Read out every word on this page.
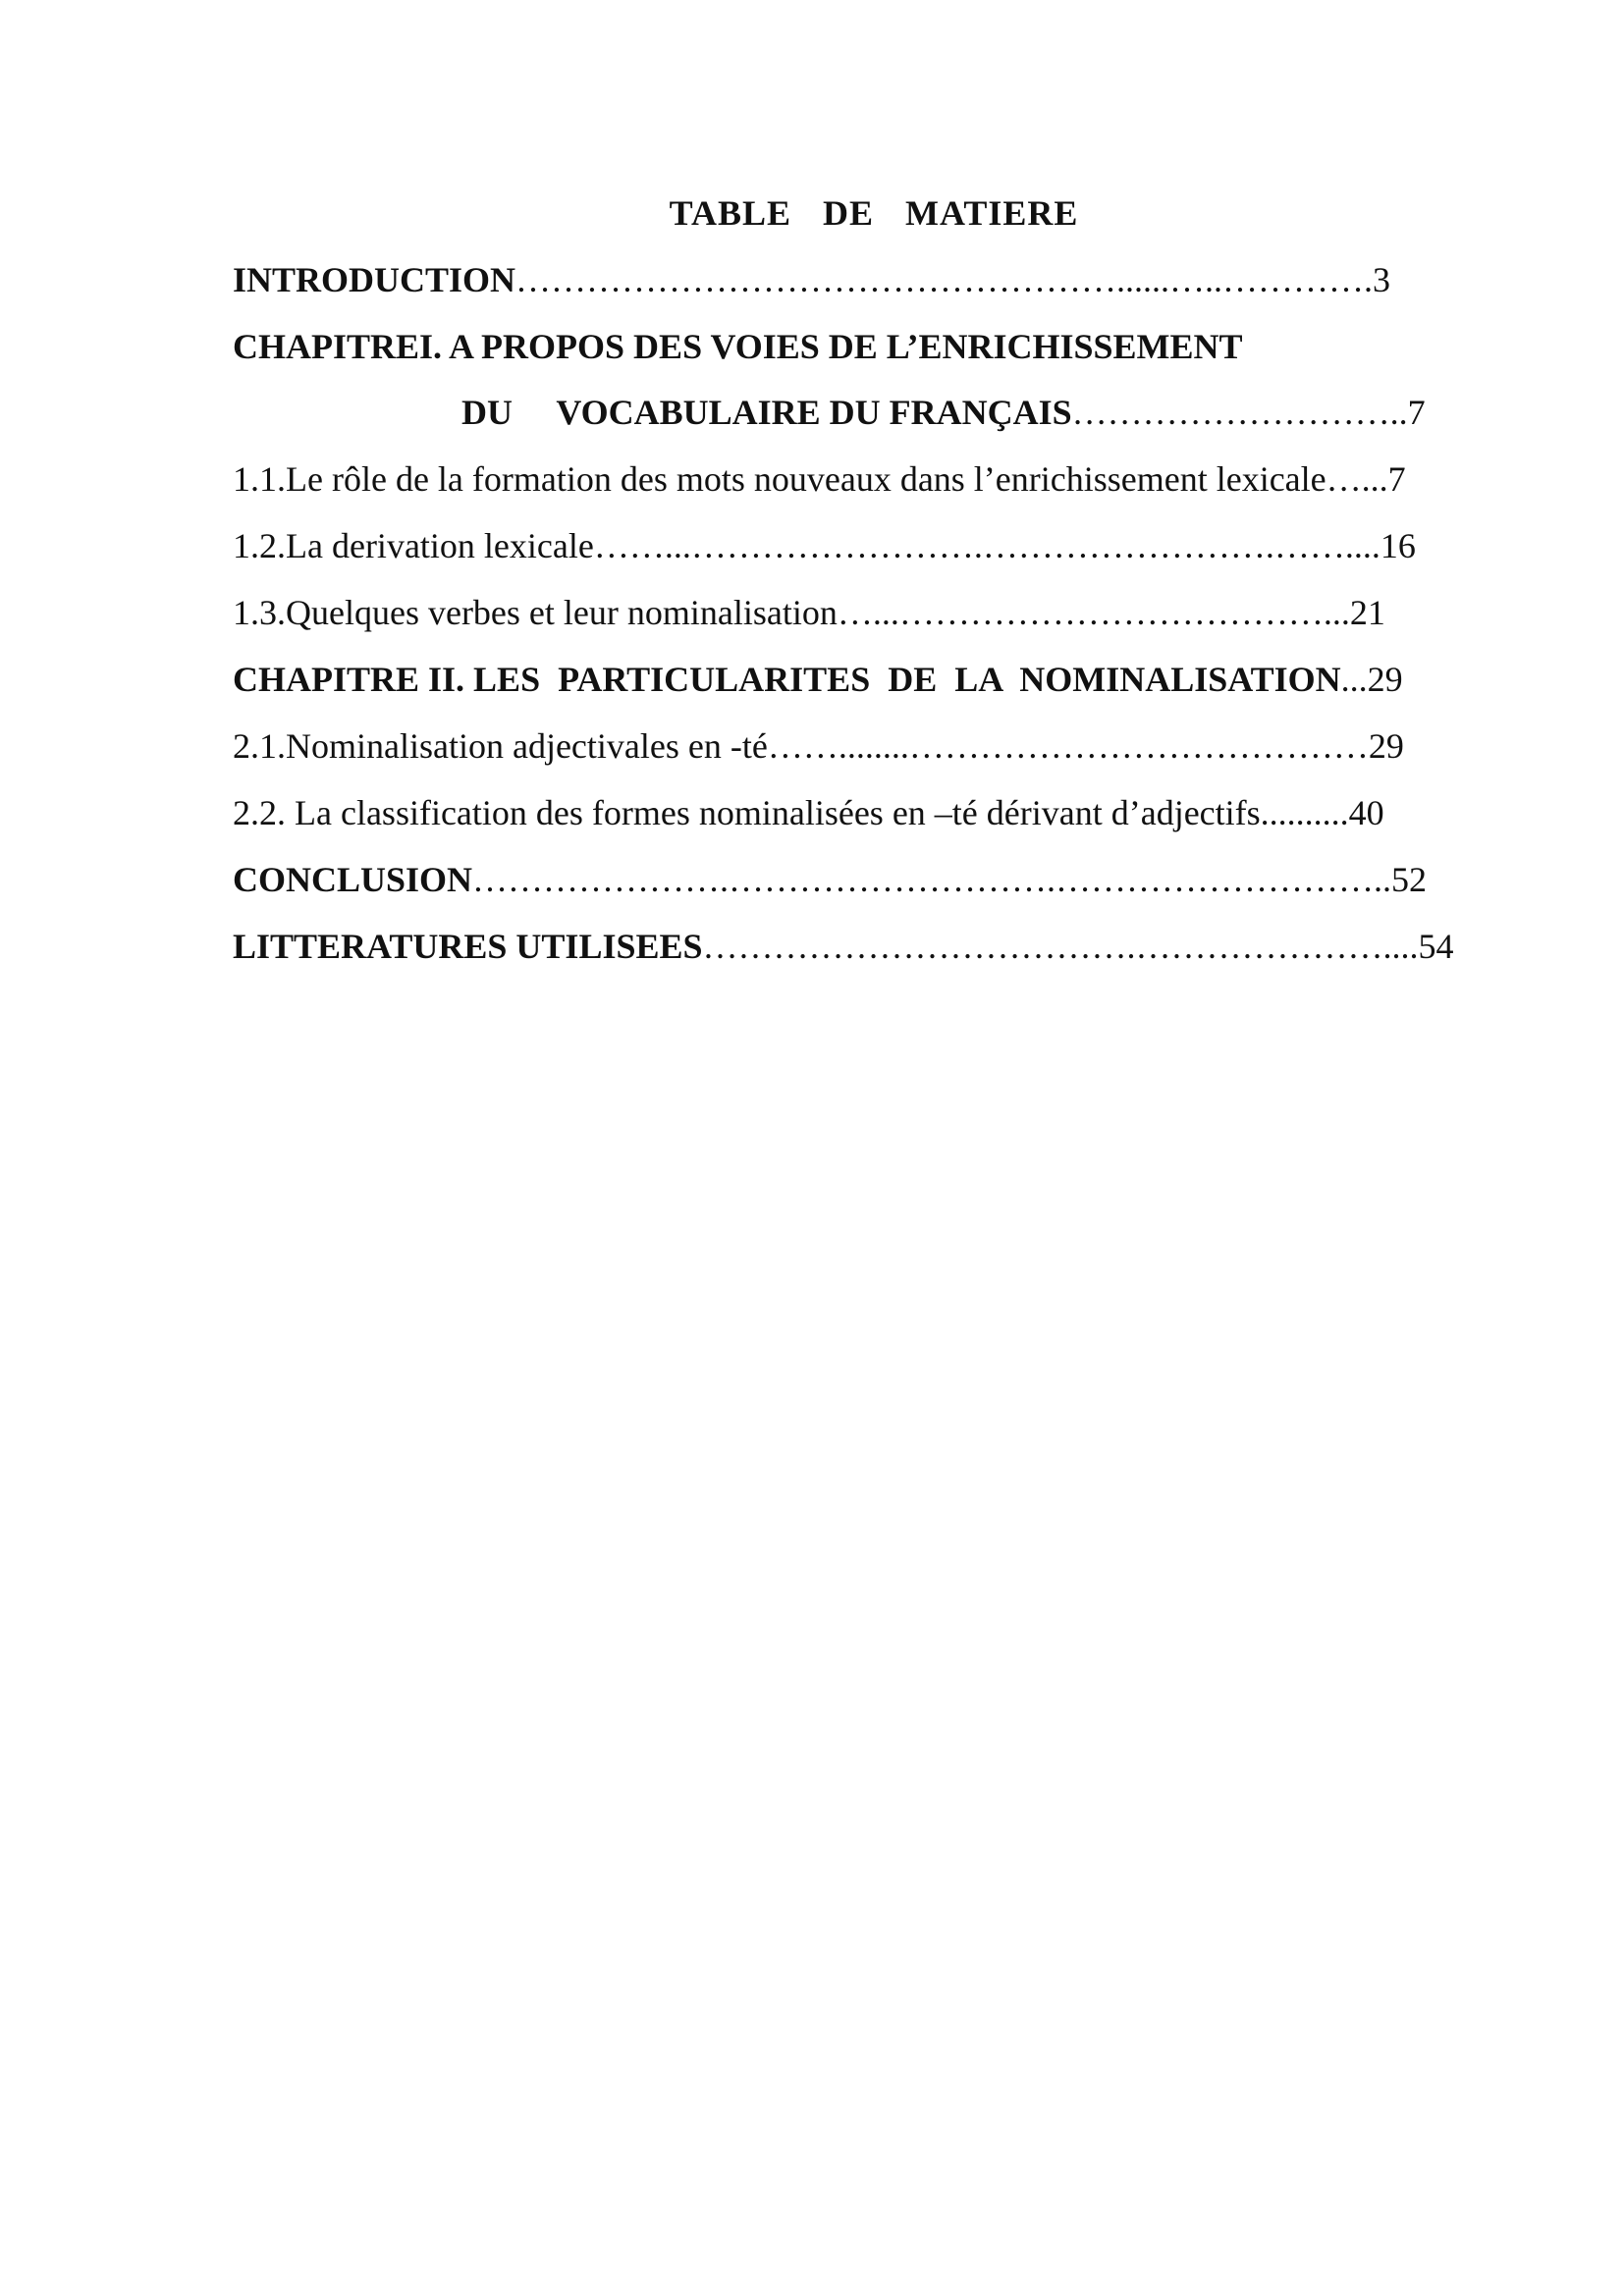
TABLE  DE  MATIERE
INTRODUCTION……………………………………………......…..………….3
CHAPITREI. A PROPOS DES VOIES DE L’ENRICHISSEMENT
DU     VOCABULAIRE DU FRANÇAIS………………………..7
1.1.Le rôle de la formation des mots nouveaux dans l’enrichissement lexicale…...7
1.2.La derivation lexicale……...…………………….…………………….……....16
1.3.Quelques verbes et leur nominalisation…...………………………………...21
CHAPITRE II. LES  PARTICULARITES  DE  LA  NOMINALISATION...29
2.1.Nominalisation adjectivales en -té……........…………………………………29
2.2. La classification des formes nominalisées en –té dérivant d’adjectifs..........40
CONCLUSION………………….……………………….………………………..52
LITTERATURES UTILISEES……………………………….…………………....54
